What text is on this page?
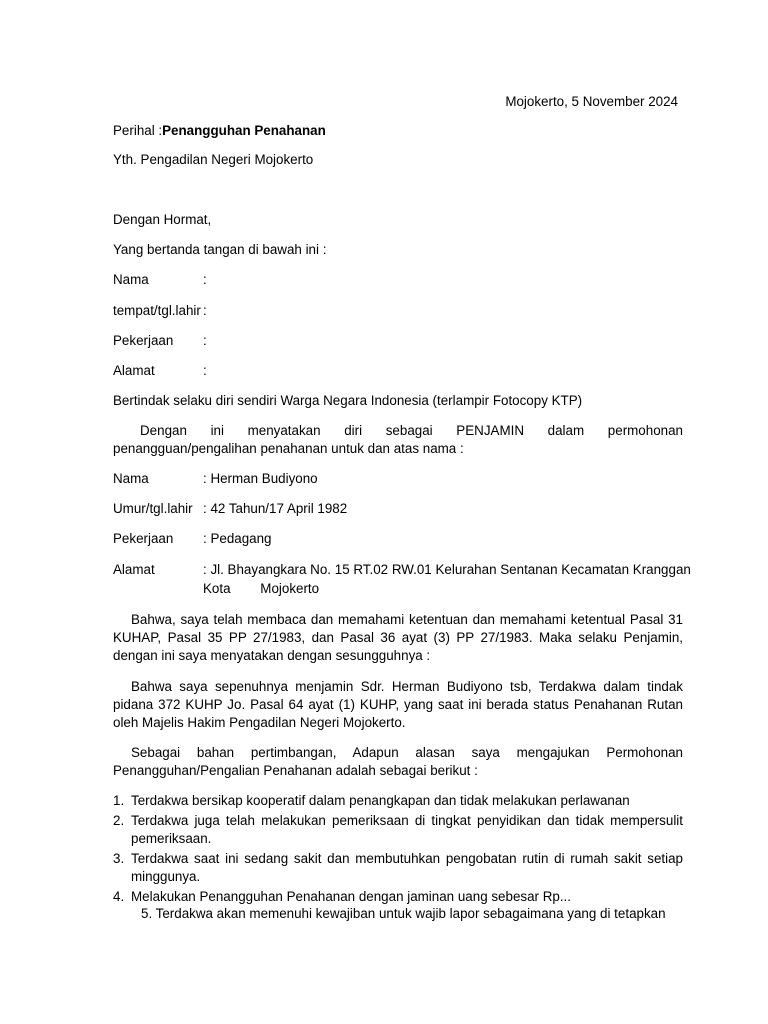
Mojokerto, 5 November 2024
Perihal :Penangguhan Penahanan
Yth. Pengadilan Negeri Mojokerto
Dengan Hormat,
Yang bertanda tangan di bawah ini :
Nama	:
tempat/tgl.lahir :
Pekerjaan :
Alamat	:
Bertindak selaku diri sendiri Warga Negara Indonesia (terlampir Fotocopy KTP)
Dengan ini menyatakan diri sebagai PENJAMIN dalam permohonan penangguan/pengalihan penahanan untuk dan atas nama :
Nama	: Herman Budiyono
Umur/tgl.lahir : 42 Tahun/17 April 1982
Pekerjaan : Pedagang
Alamat	: Jl. Bhayangkara No. 15 RT.02 RW.01 Kelurahan Sentanan Kecamatan Kranggan
Kota        Mojokerto
Bahwa, saya telah membaca dan memahami ketentuan dan memahami ketentual Pasal 31 KUHAP, Pasal 35 PP 27/1983, dan Pasal 36 ayat (3) PP 27/1983. Maka selaku Penjamin, dengan ini saya menyatakan dengan sesungguhnya :
Bahwa saya sepenuhnya menjamin Sdr. Herman Budiyono tsb, Terdakwa dalam tindak pidana 372 KUHP Jo. Pasal 64 ayat (1) KUHP, yang saat ini berada status Penahanan Rutan oleh Majelis Hakim Pengadilan Negeri Mojokerto.
Sebagai bahan pertimbangan, Adapun alasan saya mengajukan Permohonan Penangguhan/Pengalian Penahanan adalah sebagai berikut :
1. Terdakwa bersikap kooperatif dalam penangkapan dan tidak melakukan perlawanan
2. Terdakwa juga telah melakukan pemeriksaan di tingkat penyidikan dan tidak mempersulit pemeriksaan.
3. Terdakwa saat ini sedang sakit dan membutuhkan pengobatan rutin di rumah sakit setiap minggunya.
4. Melakukan Penangguhan Penahanan dengan jaminan uang sebesar Rp...
5. Terdakwa akan memenuhi kewajiban untuk wajib lapor sebagaimana yang di tetapkan
